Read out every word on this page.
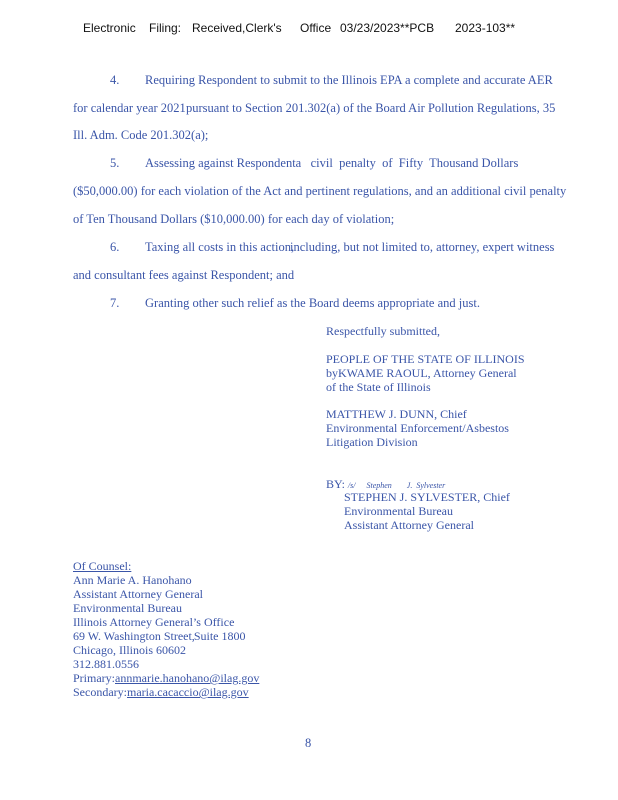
Electronic Filing: Received,Clerk's Office 03/23/2023**PCB 2023-103**
4. Requiring Respondent to submit to the Illinois EPA a complete and accurate AER
for calendar year 2021 pursuant to Section 201.302(a) of the Board Air Pollution Regulations, 35
Ill. Adm. Code 201.302(a);
5. Assessing against Respondenta   civil  penalty  of  Fifty  Thousand Dollars
($50,000.00) for each violation of the Act and pertinent regulations, and an additional civil penalty
of Ten Thousand Dollars ($10,000.00) for each day of violation;
6. Taxing all costs in this action,
including, but not limited to, attorney, expert witness
and consultant fees against Respondent; and
7. Granting other such relief as the Board deems appropriate and just.
Respectfully submitted,
PEOPLE OF THE STATE OF ILLINOIS
byKWAME RAOUL, Attorney General
of the State of Illinois
MATTHEW J. DUNN, Chief
Environmental Enforcement/Asbestos
Litigation Division
BY: /s/ Stephen J.  Sylvester
STEPHEN J. SYLVESTER, Chief
Environmental Bureau
Assistant Attorney General
Of Counsel:
Ann Marie A. Hanohano
Assistant Attorney General
Environmental Bureau
Illinois Attorney General’s Office
69 W. Washington Street, Suite 1800
Chicago, Illinois 60602
312.881.0556
Primary:annmarie.hanohano@ilag.gov
Secondary:maria.cacaccio@ilag.gov
8
